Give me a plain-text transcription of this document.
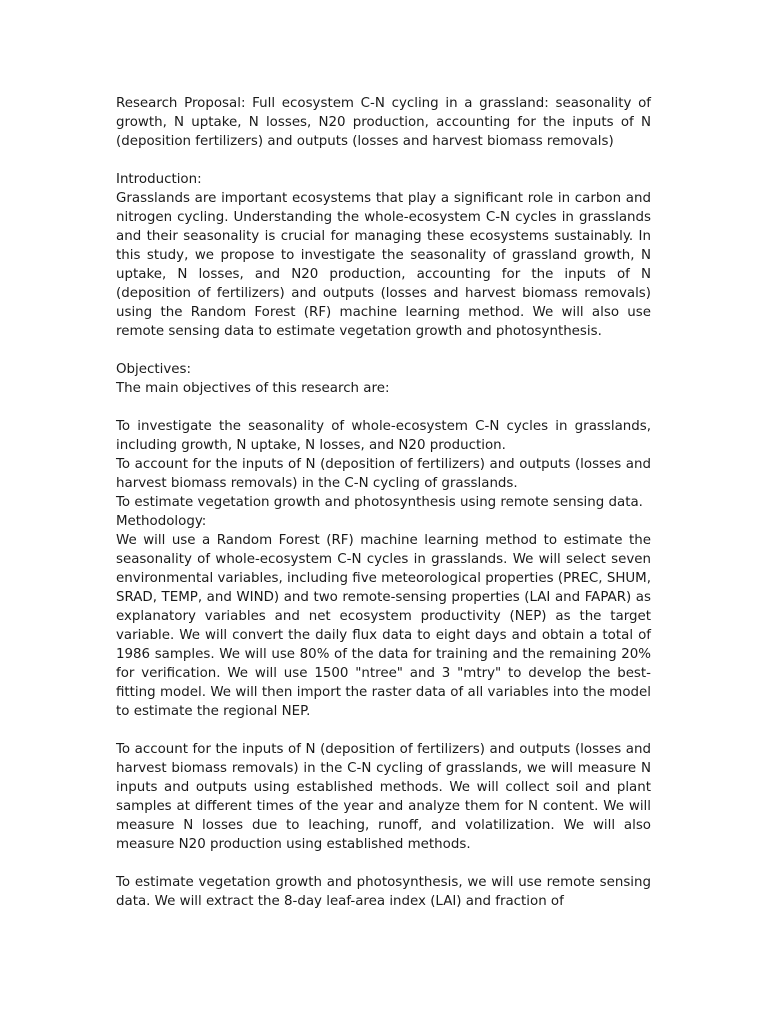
Research Proposal: Full ecosystem C-N cycling in a grassland: seasonality of growth, N uptake, N losses, N20 production, accounting for the inputs of N (deposition fertilizers) and outputs (losses and harvest biomass removals)

Introduction:

Grasslands are important ecosystems that play a significant role in carbon and nitrogen cycling. Understanding the whole-ecosystem C-N cycles in grasslands and their seasonality is crucial for managing these ecosystems sustainably. In this study, we propose to investigate the seasonality of grassland growth, N uptake, N losses, and N20 production, accounting for the inputs of N (deposition of fertilizers) and outputs (losses and harvest biomass removals) using the Random Forest (RF) machine learning method. We will also use remote sensing data to estimate vegetation growth and photosynthesis.

Objectives:

The main objectives of this research are:

To investigate the seasonality of whole-ecosystem C-N cycles in grasslands, including growth, N uptake, N losses, and N20 production.

To account for the inputs of N (deposition of fertilizers) and outputs (losses and harvest biomass removals) in the C-N cycling of grasslands.

To estimate vegetation growth and photosynthesis using remote sensing data.

Methodology:

We will use a Random Forest (RF) machine learning method to estimate the seasonality of whole-ecosystem C-N cycles in grasslands. We will select seven environmental variables, including five meteorological properties (PREC, SHUM, SRAD, TEMP, and WIND) and two remote-sensing properties (LAI and FAPAR) as explanatory variables and net ecosystem productivity (NEP) as the target variable. We will convert the daily flux data to eight days and obtain a total of 1986 samples. We will use 80% of the data for training and the remaining 20% for verification. We will use 1500 "ntree" and 3 "mtry" to develop the best-fitting model. We will then import the raster data of all variables into the model to estimate the regional NEP.

To account for the inputs of N (deposition of fertilizers) and outputs (losses and harvest biomass removals) in the C-N cycling of grasslands, we will measure N inputs and outputs using established methods. We will collect soil and plant samples at different times of the year and analyze them for N content. We will measure N losses due to leaching, runoff, and volatilization. We will also measure N20 production using established methods.

To estimate vegetation growth and photosynthesis, we will use remote sensing data. We will extract the 8-day leaf-area index (LAI) and fraction of
